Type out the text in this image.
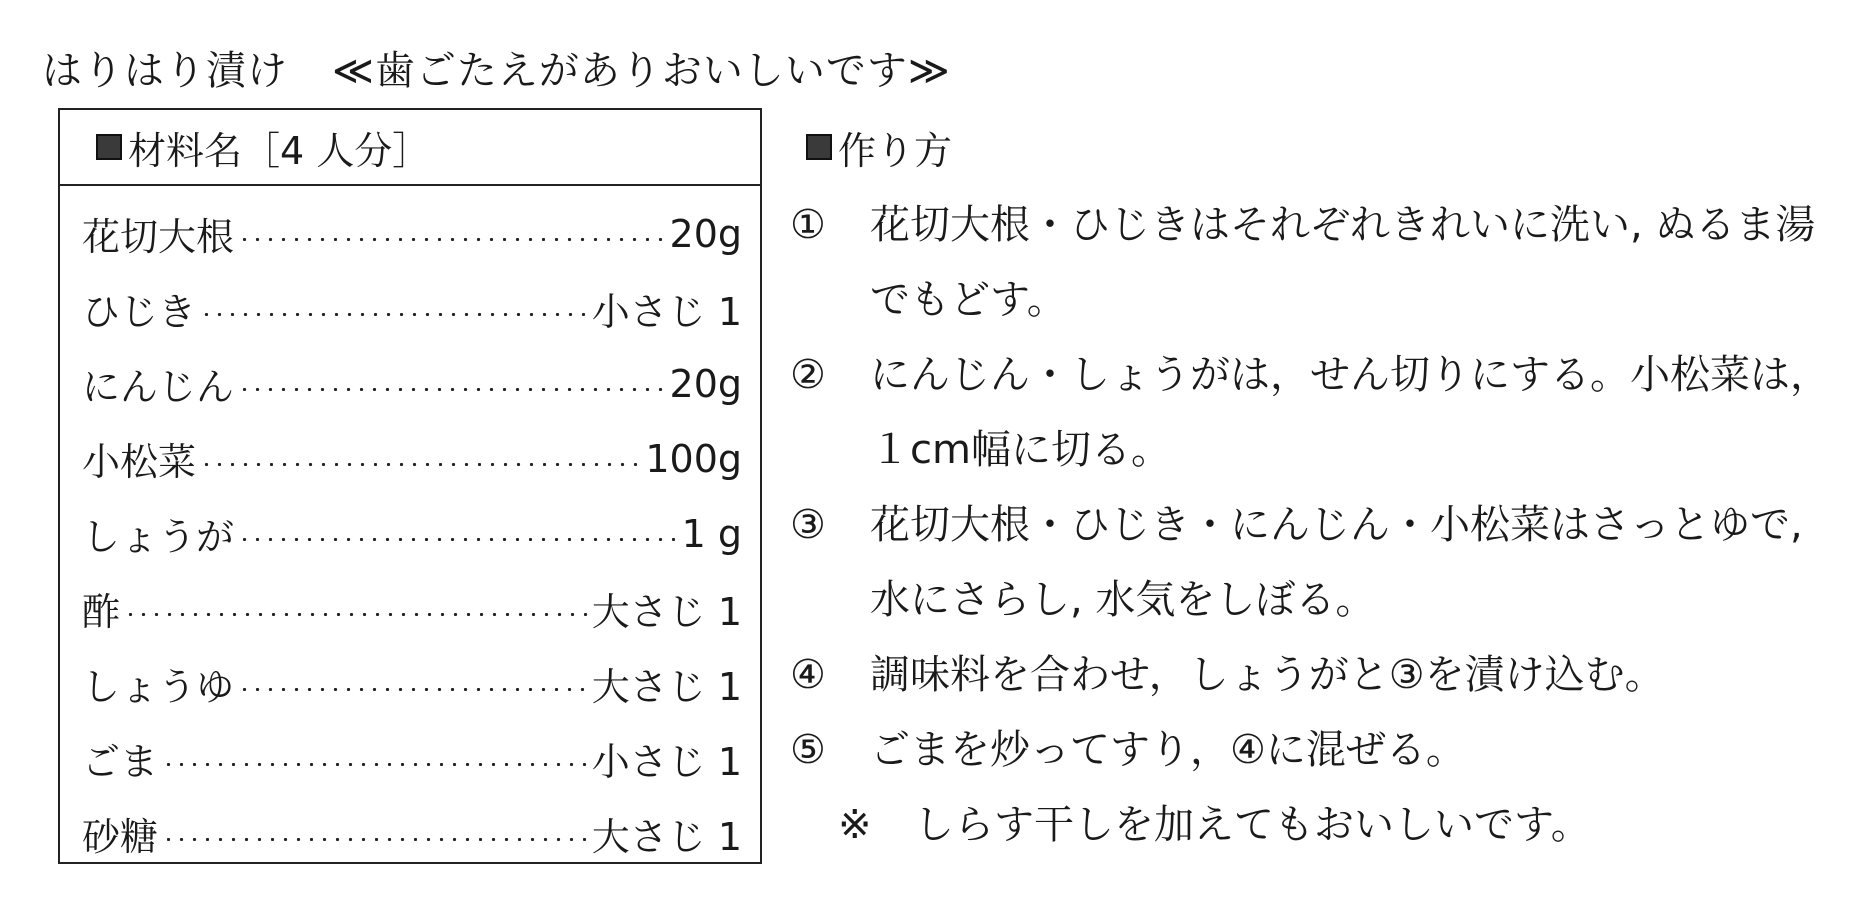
はりはり漬け ≪歯ごたえがありおいしいです≫
材料名［4 人分］
花切大根	20g
ひじき	小さじ 1
にんじん	20g
小松菜	100g
しょうが	1 g
酢	大さじ 1
しょうゆ	大さじ 1
ごま	小さじ 1
砂糖	大さじ 1
作り方
①	花切大根・ひじきはそれぞれきれいに洗い, ぬるま湯でもどす。
②	にんじん・しょうがは，せん切りにする。小松菜は，１cm幅に切る。
③	花切大根・ひじき・にんじん・小松菜はさっとゆで, 水にさらし, 水気をしぼる。
④	調味料を合わせ，しょうがと③を漬け込む。
⑤	ごまを炒ってすり，④に混ぜる。
※ しらす干しを加えてもおいしいです。
